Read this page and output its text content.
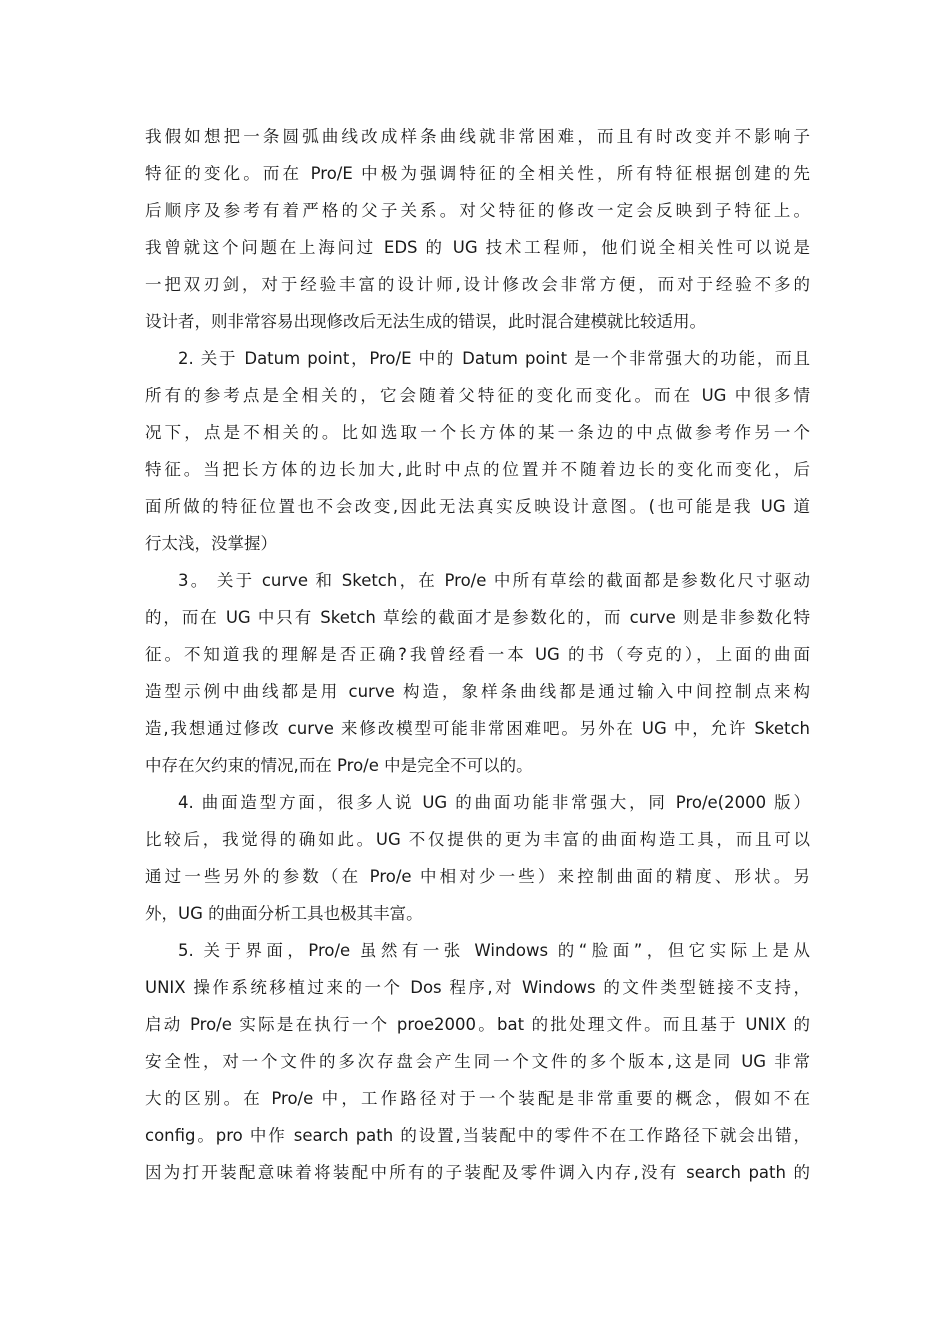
我假如想把一条圆弧曲线改成样条曲线就非常困难，而且有时改变并不影响子
特征的变化。而在 Pro/E 中极为强调特征的全相关性，所有特征根据创建的先
后顺序及参考有着严格的父子关系。对父特征的修改一定会反映到子特征上。
我曾就这个问题在上海问过 EDS 的 UG 技术工程师，他们说全相关性可以说是
一把双刃剑，对于经验丰富的设计师,设计修改会非常方便，而对于经验不多的
设计者，则非常容易出现修改后无法生成的错误，此时混合建模就比较适用。
2. 关于 Datum point，Pro/E 中的 Datum point 是一个非常强大的功能，而且
所有的参考点是全相关的，它会随着父特征的变化而变化。而在 UG 中很多情
况下，点是不相关的。比如选取一个长方体的某一条边的中点做参考作另一个
特征。当把长方体的边长加大,此时中点的位置并不随着边长的变化而变化，后
面所做的特征位置也不会改变,因此无法真实反映设计意图。(也可能是我 UG 道
行太浅，没掌握）
3。 关于 curve 和 Sketch，在 Pro/e 中所有草绘的截面都是参数化尺寸驱动
的，而在 UG 中只有 Sketch 草绘的截面才是参数化的，而 curve 则是非参数化特
征。不知道我的理解是否正确?我曾经看一本 UG 的书（夸克的），上面的曲面
造型示例中曲线都是用 curve 构造，象样条曲线都是通过输入中间控制点来构
造,我想通过修改 curve 来修改模型可能非常困难吧。另外在 UG 中，允许 Sketch
中存在欠约束的情况,而在 Pro/e 中是完全不可以的。
4. 曲面造型方面，很多人说 UG 的曲面功能非常强大，同 Pro/e(2000 版）
比较后，我觉得的确如此。UG 不仅提供的更为丰富的曲面构造工具，而且可以
通过一些另外的参数（在 Pro/e 中相对少一些）来控制曲面的精度、形状。另
外，UG 的曲面分析工具也极其丰富。
5. 关于界面，Pro/e 虽然有一张 Windows 的“脸面”，但它实际上是从
UNIX 操作系统移植过来的一个 Dos 程序,对 Windows 的文件类型链接不支持，
启动 Pro/e 实际是在执行一个 proe2000。bat 的批处理文件。而且基于 UNIX 的
安全性，对一个文件的多次存盘会产生同一个文件的多个版本,这是同 UG 非常
大的区别。在 Pro/e 中，工作路径对于一个装配是非常重要的概念，假如不在
config。pro 中作 search path 的设置,当装配中的零件不在工作路径下就会出错，
因为打开装配意味着将装配中所有的子装配及零件调入内存,没有 search path 的
